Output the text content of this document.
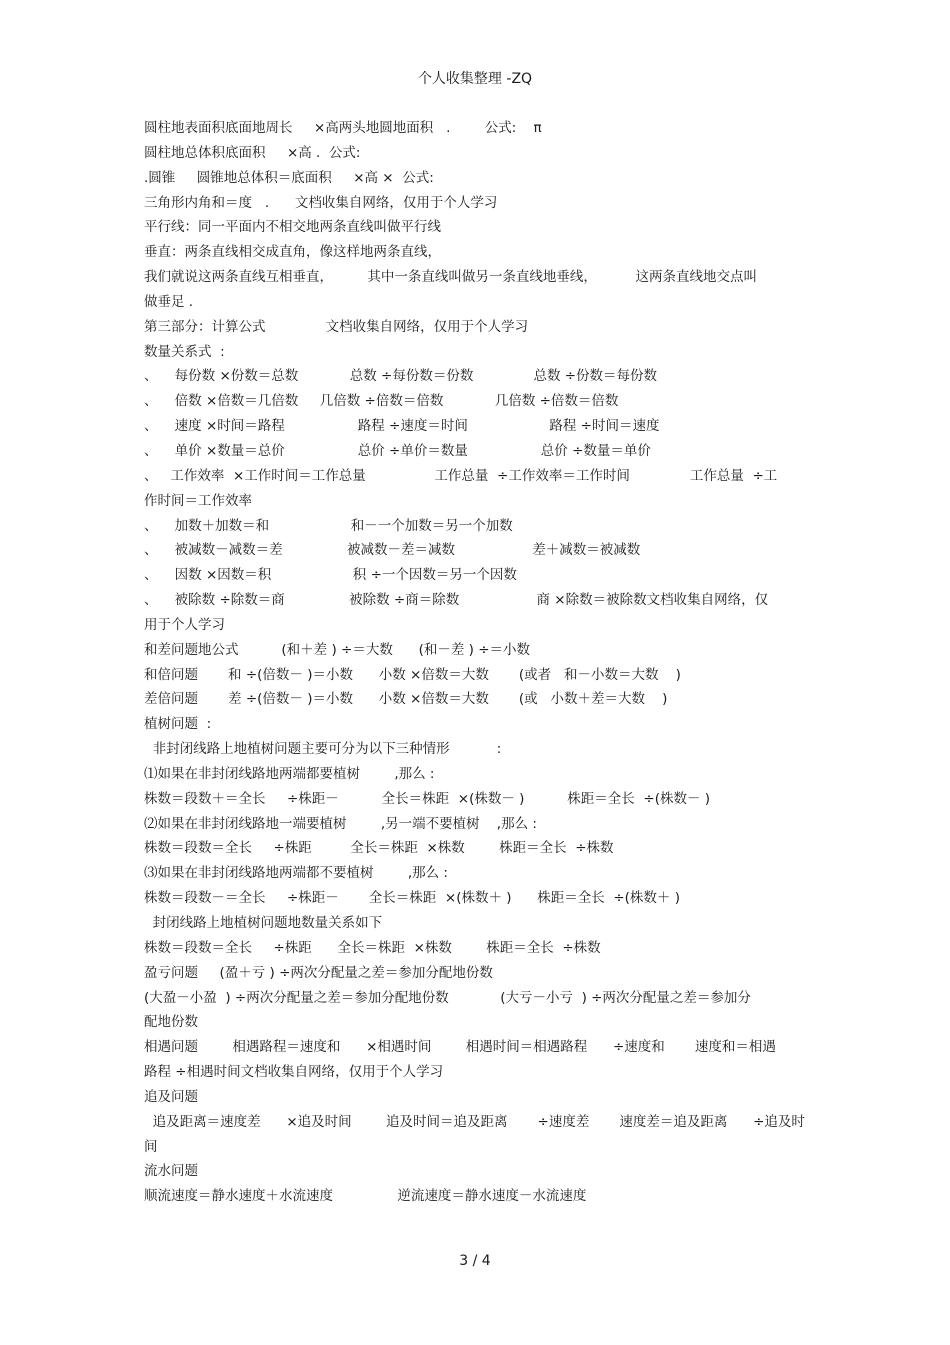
个人收集整理 -ZQ
圆柱地表面积底面地周长     ×高两头地圆地面积   .        公式:    π
圆柱地总体积底面积     ×高 .  公式:
.圆锥     圆锥地总体积＝底面积     ×高 ×  公式:
三角形内角和＝度   .      文档收集自网络，仅用于个人学习
平行线：同一平面内不相交地两条直线叫做平行线
垂直：两条直线相交成直角，像这样地两条直线，
我们就说这两条直线互相垂直，        其中一条直线叫做另一条直线地垂线，         这两条直线地交点叫
做垂足 .
第三部分：计算公式              文档收集自网络，仅用于个人学习
数量关系式  :
、    每份数 ×份数＝总数            总数 ÷每份数＝份数              总数 ÷份数＝每份数
、    倍数 ×倍数＝几倍数     几倍数 ÷倍数＝倍数            几倍数 ÷倍数＝倍数
、    速度 ×时间＝路程                 路程 ÷速度＝时间                   路程 ÷时间＝速度
、    单价 ×数量＝总价                 总价 ÷单价＝数量                 总价 ÷数量＝单价
、   工作效率  ×工作时间＝工作总量                工作总量  ÷工作效率＝工作时间              工作总量  ÷工
作时间＝工作效率
、    加数＋加数＝和                   和－一个加数＝另一个加数
、    被减数－减数＝差               被减数－差＝减数                  差＋减数＝被减数
、    因数 ×因数＝积                   积 ÷一个因数＝另一个因数
、    被除数 ÷除数＝商               被除数 ÷商＝除数                  商 ×除数＝被除数文档收集自网络，仅
用于个人学习
和差问题地公式          (和＋差 ) ÷＝大数      (和－差 ) ÷＝小数
和倍问题       和 ÷(倍数－ )＝小数      小数 ×倍数＝大数       (或者   和－小数＝大数    )
差倍问题       差 ÷(倍数－ )＝小数      小数 ×倍数＝大数       (或   小数＋差＝大数    )
植树问题  :
非封闭线路上地植树问题主要可分为以下三种情形           :
⑴如果在非封闭线路地两端都要植树        ,那么 :
株数＝段数＋＝全长     ÷株距－          全长＝株距  ×(株数－ )          株距＝全长  ÷(株数－ )
⑵如果在非封闭线路地一端要植树        ,另一端不要植树    ,那么 :
株数＝段数＝全长     ÷株距         全长＝株距  ×株数        株距＝全长  ÷株数
⑶如果在非封闭线路地两端都不要植树        ,那么 :
株数＝段数－＝全长     ÷株距－       全长＝株距  ×(株数＋ )      株距＝全长  ÷(株数＋ )
封闭线路上地植树问题地数量关系如下
株数＝段数＝全长     ÷株距      全长＝株距  ×株数        株距＝全长  ÷株数
盈亏问题     (盈＋亏 ) ÷两次分配量之差＝参加分配地份数
(大盈－小盈  ) ÷两次分配量之差＝参加分配地份数            (大亏－小亏  ) ÷两次分配量之差＝参加分
配地份数
相遇问题        相遇路程＝速度和      ×相遇时间        相遇时间＝相遇路程      ÷速度和       速度和＝相遇
路程 ÷相遇时间文档收集自网络，仅用于个人学习
追及问题
追及距离＝速度差      ×追及时间        追及时间＝追及距离       ÷速度差       速度差＝追及距离      ÷追及时
间
流水问题
顺流速度＝静水速度＋水流速度               逆流速度＝静水速度－水流速度
3 / 4
